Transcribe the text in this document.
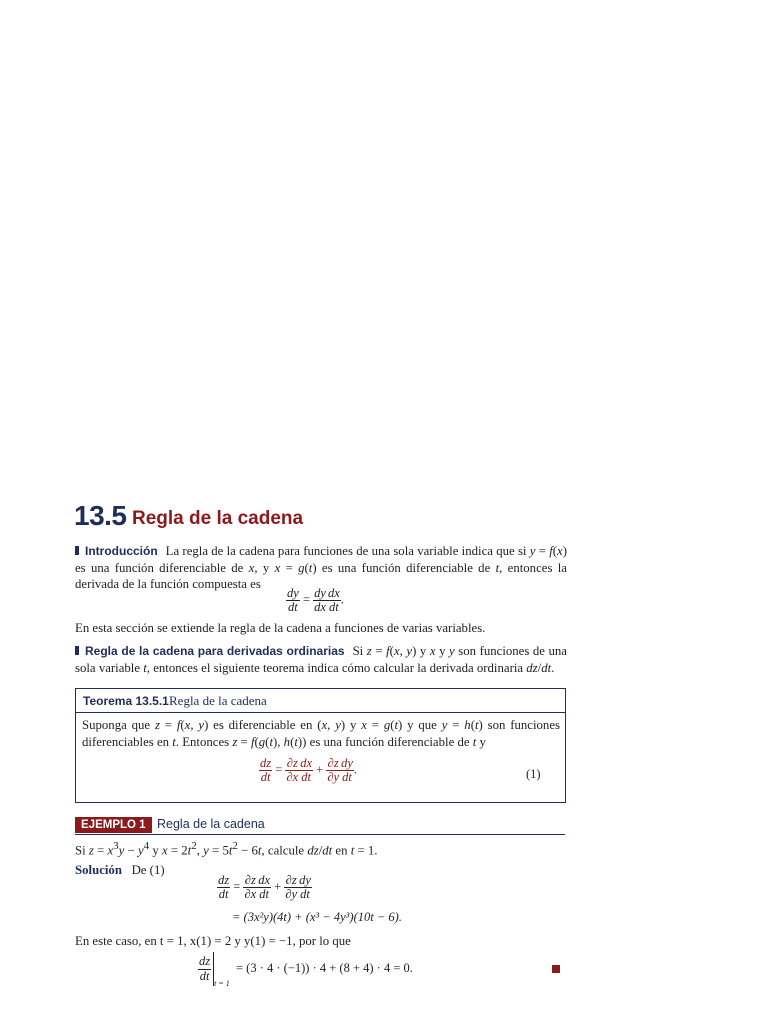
13.5 Regla de la cadena
Introducción La regla de la cadena para funciones de una sola variable indica que si y = f(x) es una función diferenciable de x, y x = g(t) es una función diferenciable de t, entonces la derivada de la función compuesta es
$\frac{dy}{dt} = \frac{dy}{dx} \frac{dx}{dt}$ .
En esta sección se extiende la regla de la cadena a funciones de varias variables.
Regla de la cadena para derivadas ordinarias Si z = f(x, y) y x y y son funciones de una sola variable t, entonces el siguiente teorema indica cómo calcular la derivada ordinaria dz/dt.
Teorema 13.5.1 Regla de la cadena
Suponga que z = f(x, y) es diferenciable en (x, y) y x = g(t) y que y = h(t) son funciones diferenciables en t. Entonces z = f(g(t), h(t)) es una función diferenciable de t y
$\frac{dz}{dt} = \frac{\partial z}{\partial x} \frac{dx}{dt} + \frac{\partial z}{\partial y} \frac{dy}{dt}$ .	(1)
EJEMPLO 1 Regla de la cadena
Si $z = x^3y - y^4$ y $x = 2t^2$, $y = 5t^2 - 6t$, calcule dz/dt en t = 1.
Solución De (1)
$\frac{dz}{dt} = \frac{\partial z}{\partial x} \frac{dx}{dt} + \frac{\partial z}{\partial y} \frac{dy}{dt}$
= (3x²y)(4t) + (x³ − 4y³)(10t − 6).
En este caso, en t = 1, x(1) = 2 y y(1) = −1, por lo que
$\frac{dz}{dt}$
$_{t = 1}$  = (3 · 4 · (−1)) · 4 + (8 + 4) · 4 = 0.
